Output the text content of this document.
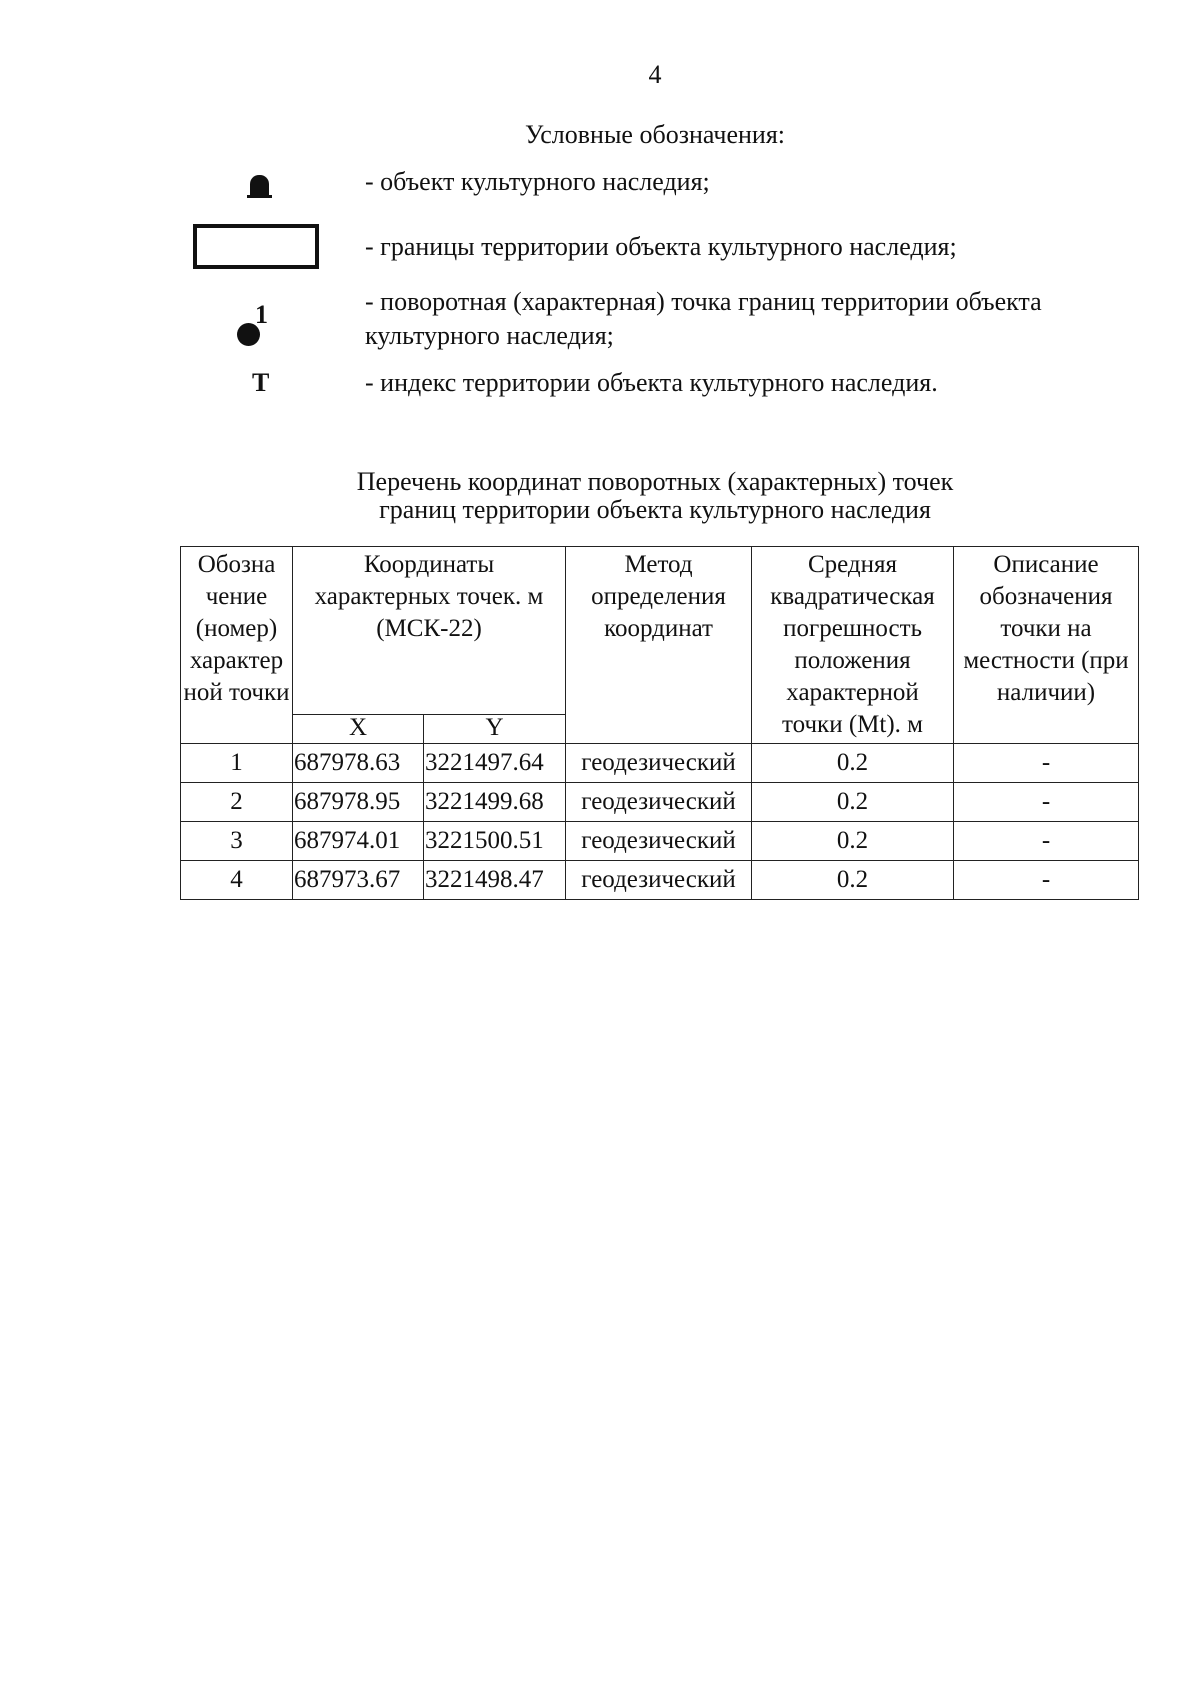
4
Условные обозначения:
- объект культурного наследия;
- границы территории объекта культурного наследия;
1	- поворотная (характерная) точка границ территории объекта культурного наследия;
Т	- индекс территории объекта культурного наследия.
Перечень координат поворотных (характерных) точек
границ территории объекта культурного наследия
Обозна чение (номер) характер ной точки	Координаты характерных точек. м (МСК-22)		Метод определения координат	Средняя квадратическая погрешность положения характерной точки (Mt). м	Описание обозначения точки на местности (при наличии)
	X	Y			
1	687978.63	3221497.64	геодезический	0.2	-
2	687978.95	3221499.68	геодезический	0.2	-
3	687974.01	3221500.51	геодезический	0.2	-
4	687973.67	3221498.47	геодезический	0.2	-
